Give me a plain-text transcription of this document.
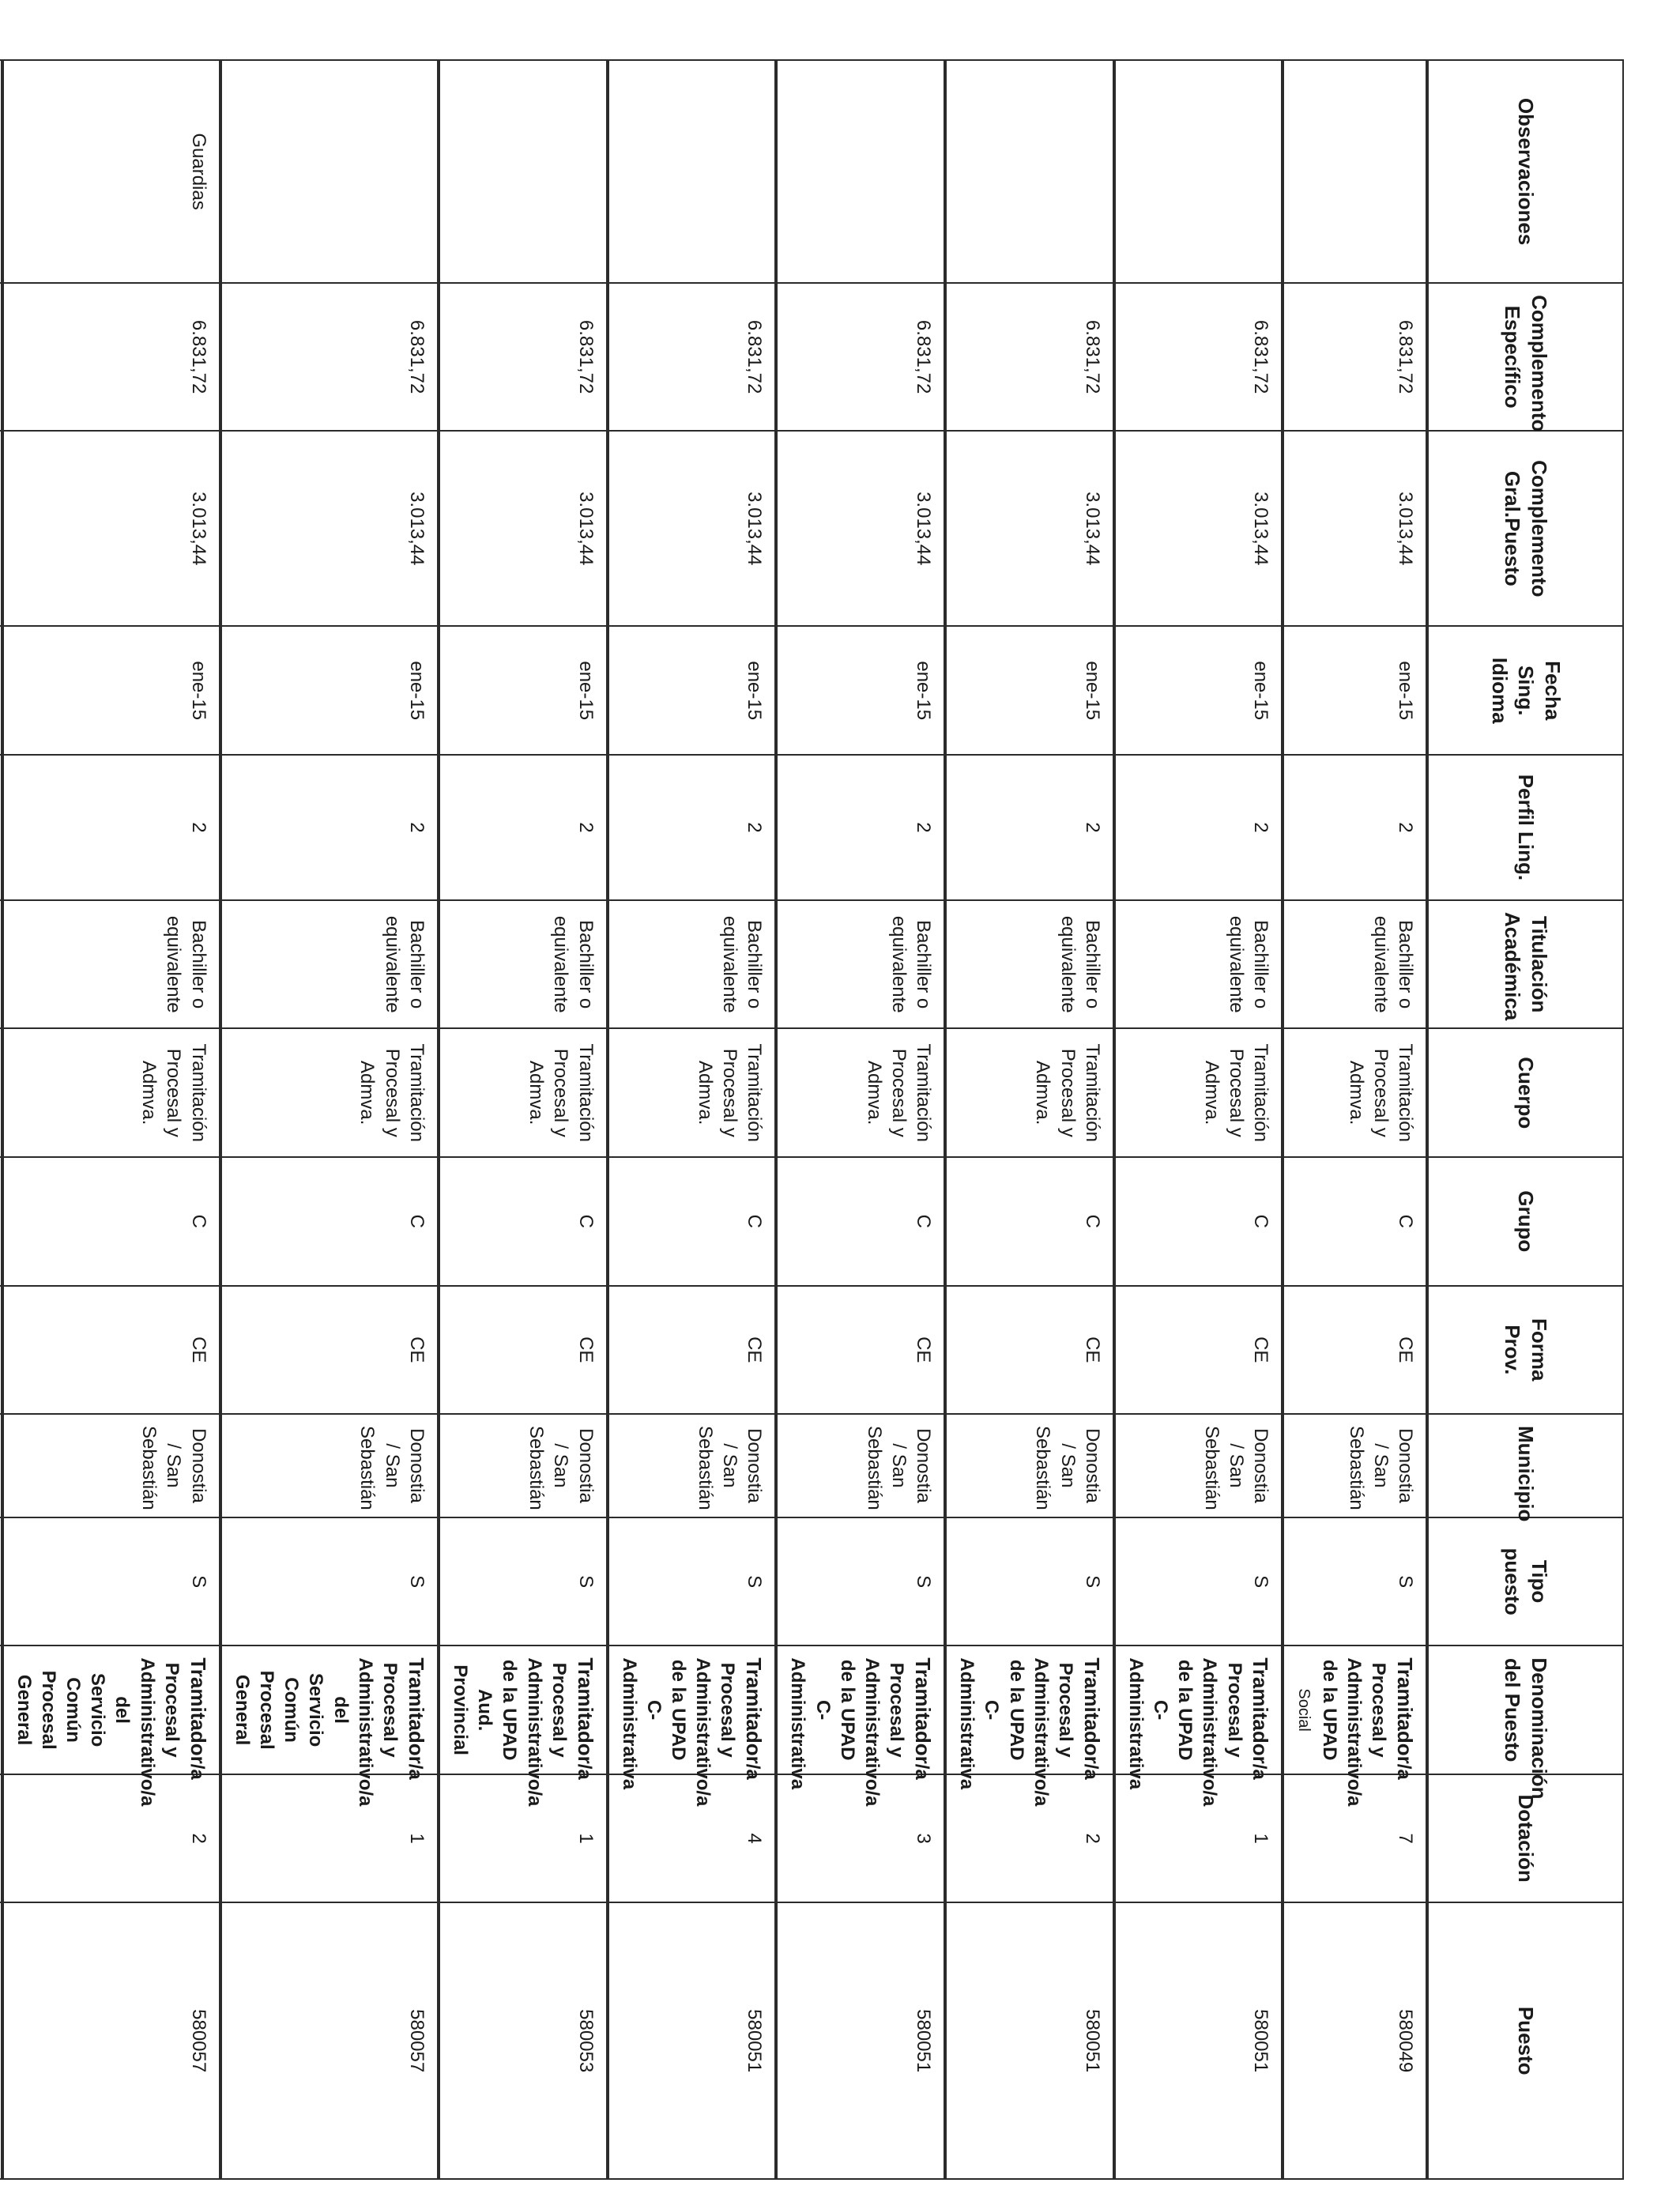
Observaciones	Complemento Específico	Complemento Gral.Puesto	Fecha Sing. Idioma	Perfil Ling.	Titulación Académica	Cuerpo	Grupo	Forma Prov.	Municipio	Tipo puesto	Denominación del Puesto	Dotación	Puesto
	6.831,72	3.013,44	ene-15	2	Bachiller o equivalente	Tramitación Procesal y Admva.	C	CE	Donostia / San Sebastián	S	Tramitador/a Procesal y Administrativo/a de la UPAD Social	7	580049
	6.831,72	3.013,44	ene-15	2	Bachiller o equivalente	Tramitación Procesal y Admva.	C	CE	Donostia / San Sebastián	S	Tramitador/a Procesal y Administrativo/a de la UPAD C-Administrativa	1	580051
	6.831,72	3.013,44	ene-15	2	Bachiller o equivalente	Tramitación Procesal y Admva.	C	CE	Donostia / San Sebastián	S	Tramitador/a Procesal y Administrativo/a de la UPAD C-Administrativa	2	580051
	6.831,72	3.013,44	ene-15	2	Bachiller o equivalente	Tramitación Procesal y Admva.	C	CE	Donostia / San Sebastián	S	Tramitador/a Procesal y Administrativo/a de la UPAD C-Administrativa	3	580051
	6.831,72	3.013,44	ene-15	2	Bachiller o equivalente	Tramitación Procesal y Admva.	C	CE	Donostia / San Sebastián	S	Tramitador/a Procesal y Administrativo/a de la UPAD C-Administrativa	4	580051
	6.831,72	3.013,44	ene-15	2	Bachiller o equivalente	Tramitación Procesal y Admva.	C	CE	Donostia / San Sebastián	S	Tramitador/a Procesal y Administrativo/a de la UPAD Aud. Provincial	1	580053
	6.831,72	3.013,44	ene-15	2	Bachiller o equivalente	Tramitación Procesal y Admva.	C	CE	Donostia / San Sebastián	S	Tramitador/a Procesal y Administrativo/a del Servicio Común Procesal General	1	580057
Guardias	6.831,72	3.013,44	ene-15	2	Bachiller o equivalente	Tramitación Procesal y Admva.	C	CE	Donostia / San Sebastián	S	Tramitador/a Procesal y Administrativo/a del Servicio Común Procesal General	2	580057
